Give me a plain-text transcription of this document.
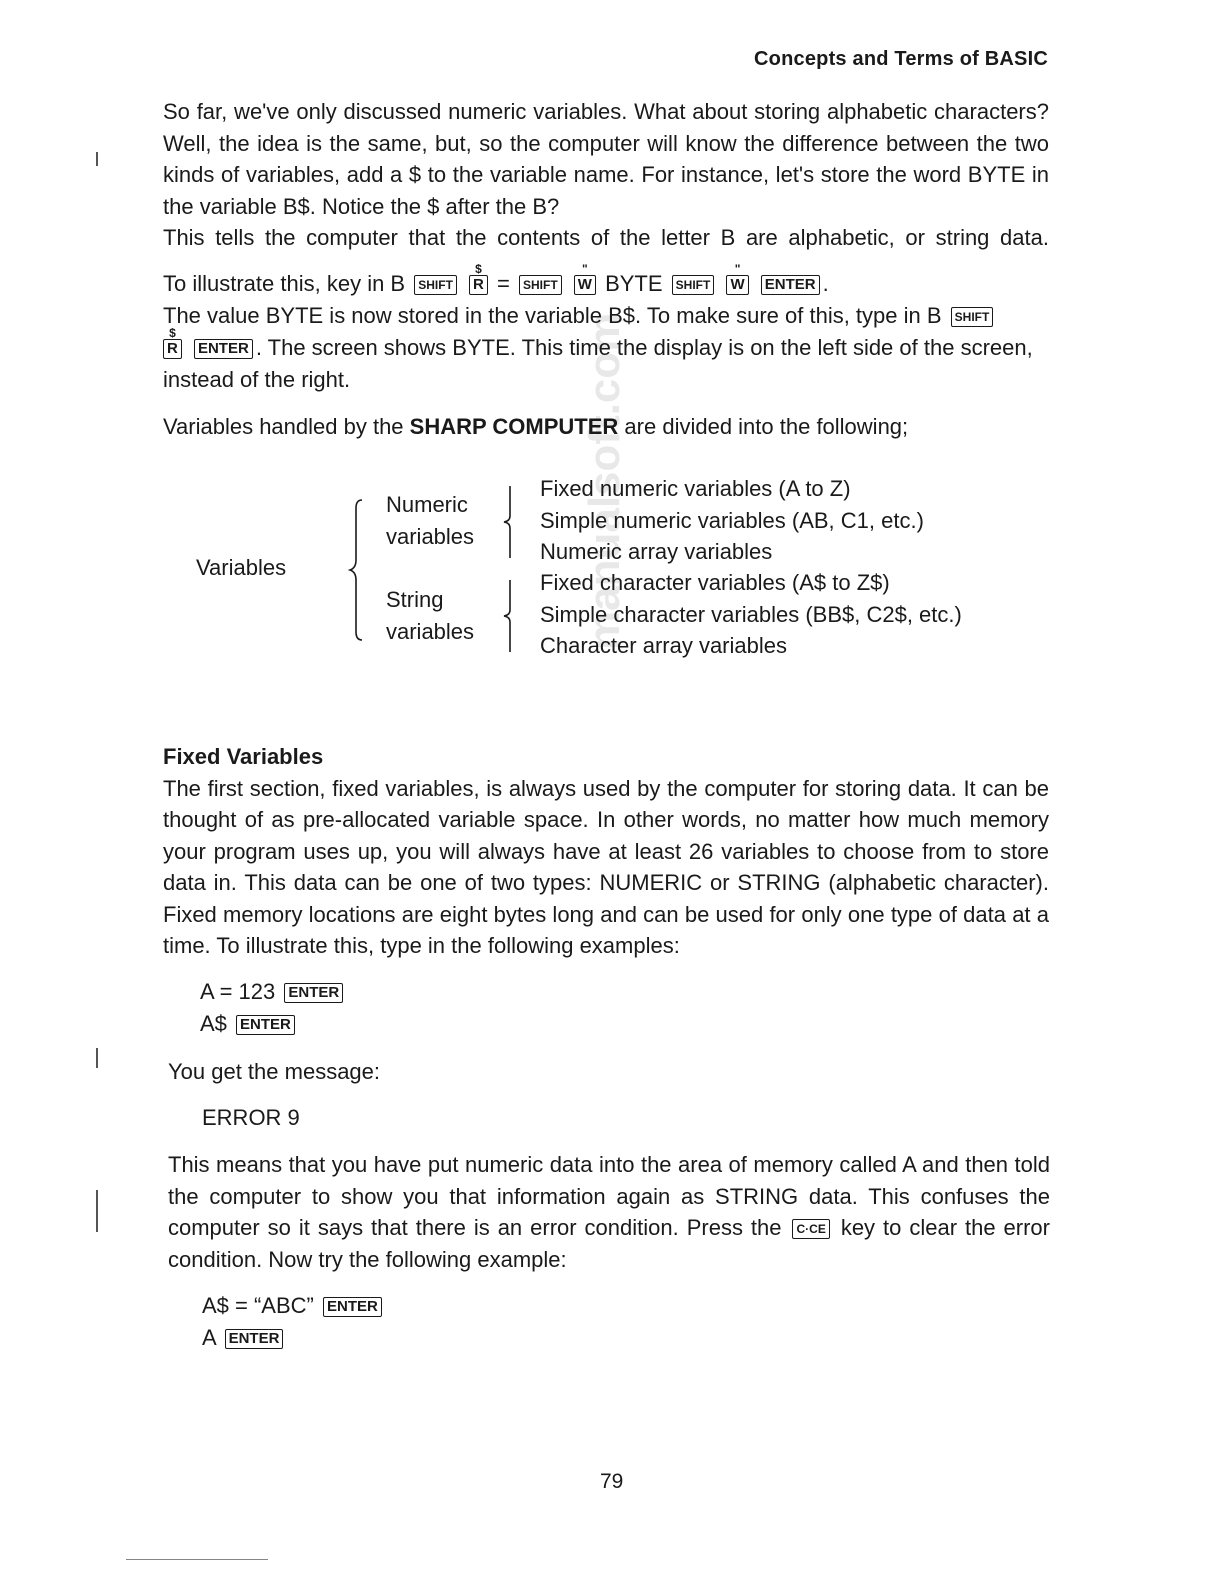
Concepts and Terms of BASIC
manualsoft.com

So far, we've only discussed numeric variables. What about storing alphabetic characters? Well, the idea is the same, but, so the computer will know the difference between the two kinds of variables, add a $ to the variable name. For instance, let's store the word BYTE in the variable B$. Notice the $ after the B?
This tells the computer that the contents of the letter B are alphabetic, or string data.

To illustrate this, key in B SHIFT
$
R = SHIFT
"
W BYTE SHIFT
"
W ENTER .
The value BYTE is now stored in the variable B$. To make sure of this, type in B SHIFT

$
R ENTER . The screen shows BYTE. This time the display is on the left side of the screen, instead of the right.

Variables handled by the SHARP COMPUTER are divided into the following;

Variables
Numeric
variables
String
variables
Fixed numeric variables (A to Z)
Simple numeric variables (AB, C1, etc.)
Numeric array variables
Fixed character variables (A$ to Z$)
Simple character variables (BB$, C2$, etc.)
Character array variables

Fixed Variables
The first section, fixed variables, is always used by the computer for storing data. It can be thought of as pre-allocated variable space. In other words, no matter how much memory your program uses up, you will always have at least 26 variables to choose from to store data in. This data can be one of two types: NUMERIC or STRING (alphabetic character). Fixed memory locations are eight bytes long and can be used for only one type of data at a time. To illustrate this, type in the following examples:

A = 123 ENTER
A$ ENTER
You get the message:
ERROR 9

This means that you have put numeric data into the area of memory called A and then told the computer to show you that information again as STRING data. This confuses the computer so it says that there is an error condition. Press the C·CE key to clear the error condition. Now try the following example:

A$ = “ABC” ENTER
A ENTER
79
